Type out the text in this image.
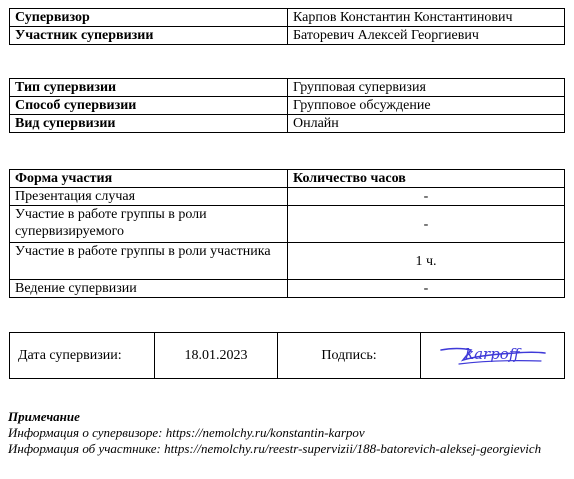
Супервизор	Карпов Константин Константинович
Участник супервизии	Баторевич Алексей Георгиевич
Тип супервизии	Групповая супервизия
Способ супервизии	Групповое обсуждение
Вид супервизии	Онлайн
Форма участия	Количество часов
Презентация случая	-
Участие в работе группы в роли супервизируемого	-
Участие в работе группы в роли участника	1 ч.
Ведение супервизии	-
Дата супервизии:	18.01.2023	Подпись:	karpoff
Примечание
Информация о супервизоре: https://nemolchy.ru/konstantin-karpov
Информация об участнике: https://nemolchy.ru/reestr-supervizii/188-batorevich-aleksej-georgievich
